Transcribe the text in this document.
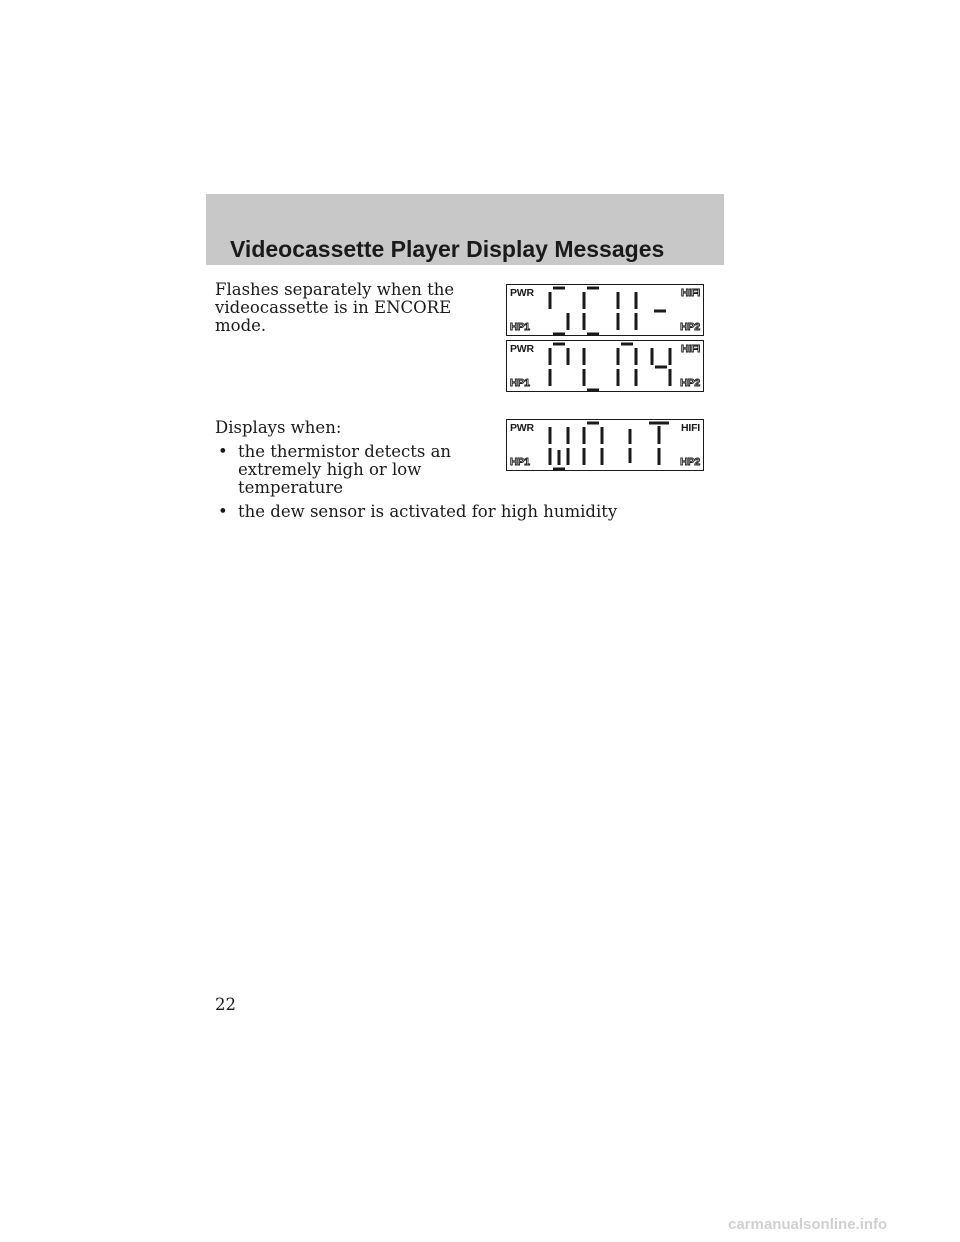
Videocassette Player Display Messages

Flashes separately when the videocassette is in ENCORE mode.

Displays when:

• the thermistor detects an extremely high or low temperature
• the dew sensor is activated for high humidity
PWR	HIFI
HP1	HP2
PWR	HIFI
HP1	HP2
PWR	HIFI
HP1	HP2
22
carmanualsonline.info
